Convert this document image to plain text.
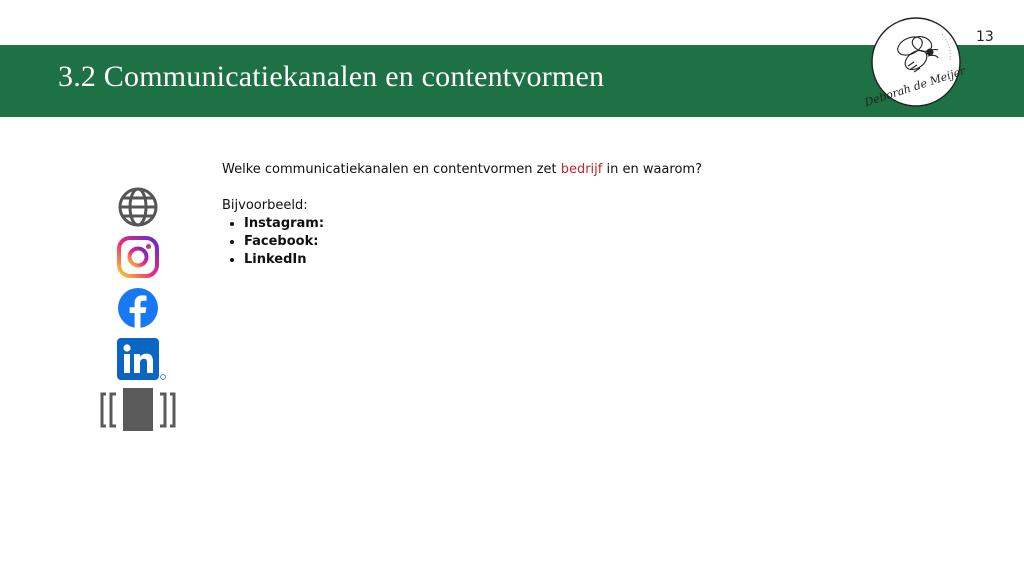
13
3.2 Communicatiekanalen en contentvormen	Deborah de Meijer
Welke communicatiekanalen en contentvormen zet bedrijf in en waarom?
Bijvoorbeeld:
• Instagram:
• Facebook:
• LinkedIn
